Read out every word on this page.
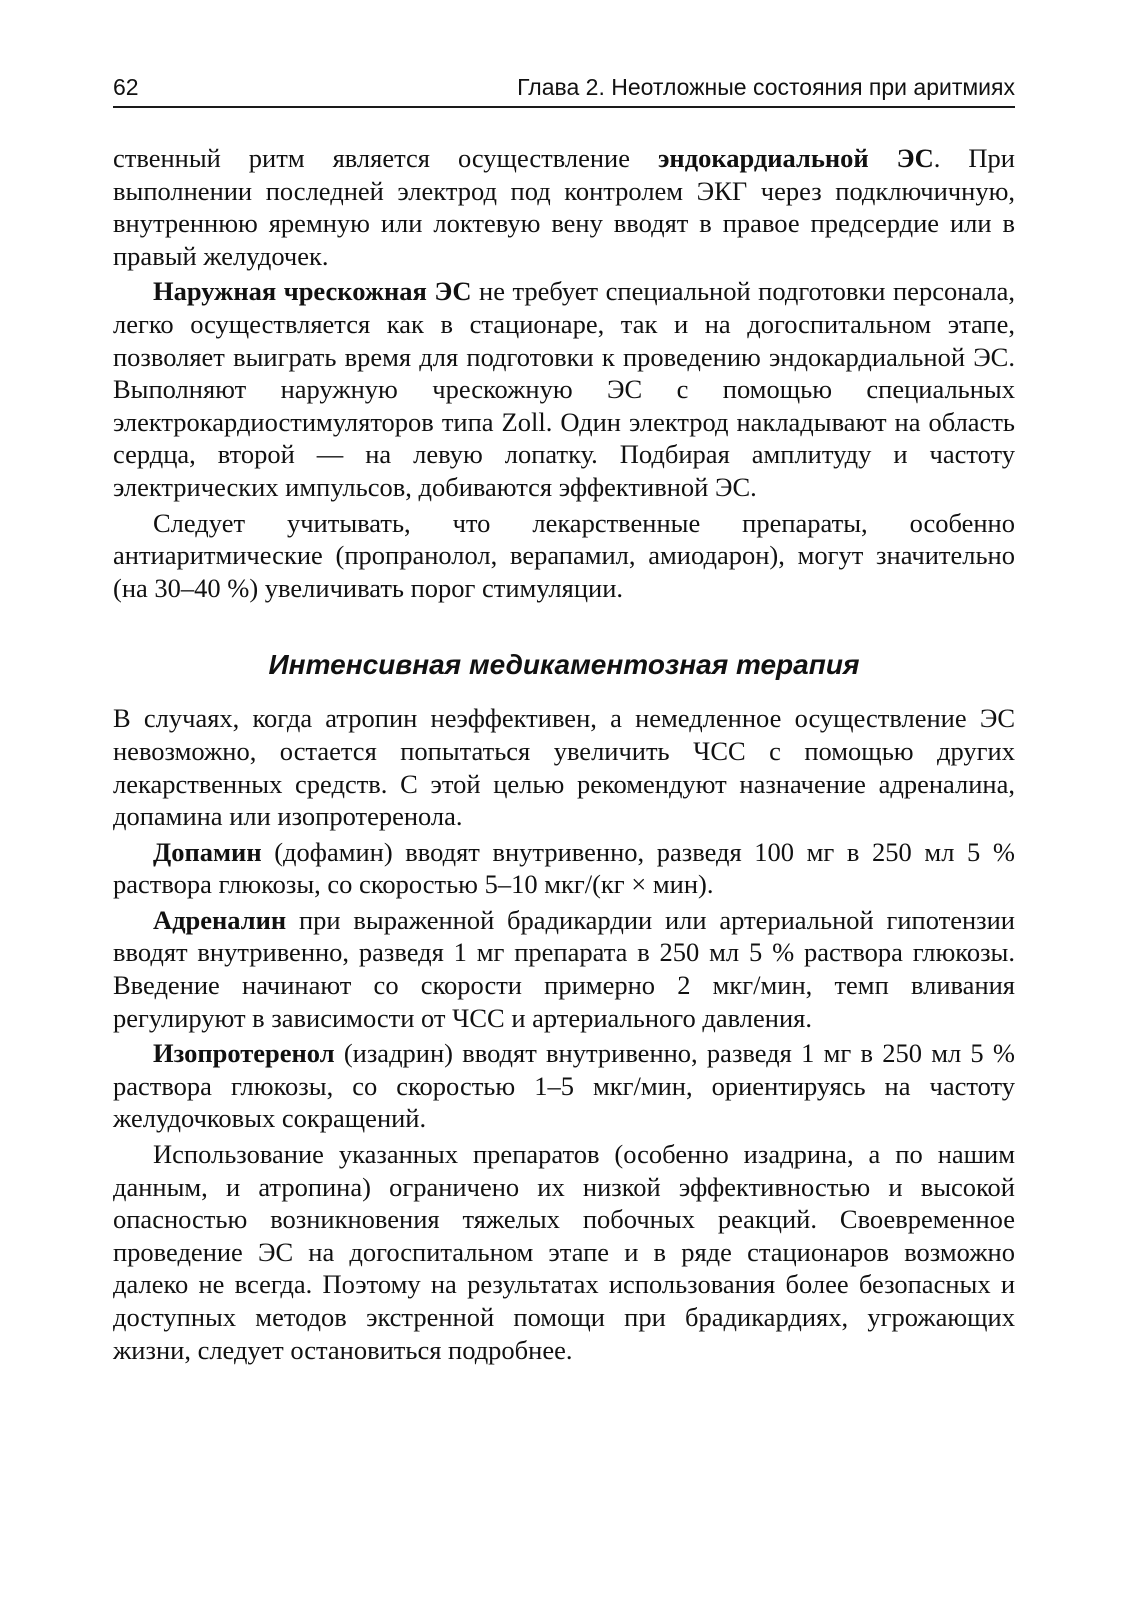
62	Глава 2. Неотложные состояния при аритмиях

ственный ритм является осуществление эндокардиальной ЭС. При выполнении последней электрод под контролем ЭКГ через подключичную, внутреннюю яремную или локтевую вену вводят в правое предсердие или в правый желудочек.

Наружная чрескожная ЭС не требует специальной подготовки персонала, легко осуществляется как в стационаре, так и на догоспитальном этапе, позволяет выиграть время для подготовки к проведению эндокардиальной ЭС. Выполняют наружную чрескожную ЭС с помощью специальных электрокардиостимуляторов типа Zoll. Один электрод накладывают на область сердца, второй — на левую лопатку. Подбирая амплитуду и частоту электрических импульсов, добиваются эффективной ЭС.

Следует учитывать, что лекарственные препараты, особенно антиаритмические (пропранолол, верапамил, амиодарон), могут значительно (на 30–40 %) увеличивать порог стимуляции.

Интенсивная медикаментозная терапия

В случаях, когда атропин неэффективен, а немедленное осуществление ЭС невозможно, остается попытаться увеличить ЧСС с помощью других лекарственных средств. С этой целью рекомендуют назначение адреналина, допамина или изопротеренола.

Допамин (дофамин) вводят внутривенно, разведя 100 мг в 250 мл 5 % раствора глюкозы, со скоростью 5–10 мкг/(кг × мин).

Адреналин при выраженной брадикардии или артериальной гипотензии вводят внутривенно, разведя 1 мг препарата в 250 мл 5 % раствора глюкозы. Введение начинают со скорости примерно 2 мкг/мин, темп вливания регулируют в зависимости от ЧСС и артериального давления.

Изопротеренол (изадрин) вводят внутривенно, разведя 1 мг в 250 мл 5 % раствора глюкозы, со скоростью 1–5 мкг/мин, ориентируясь на частоту желудочковых сокращений.

Использование указанных препаратов (особенно изадрина, а по нашим данным, и атропина) ограничено их низкой эффективностью и высокой опасностью возникновения тяжелых побочных реакций. Своевременное проведение ЭС на догоспитальном этапе и в ряде стационаров возможно далеко не всегда. Поэтому на результатах использования более безопасных и доступных методов экстренной помощи при брадикардиях, угрожающих жизни, следует остановиться подробнее.
